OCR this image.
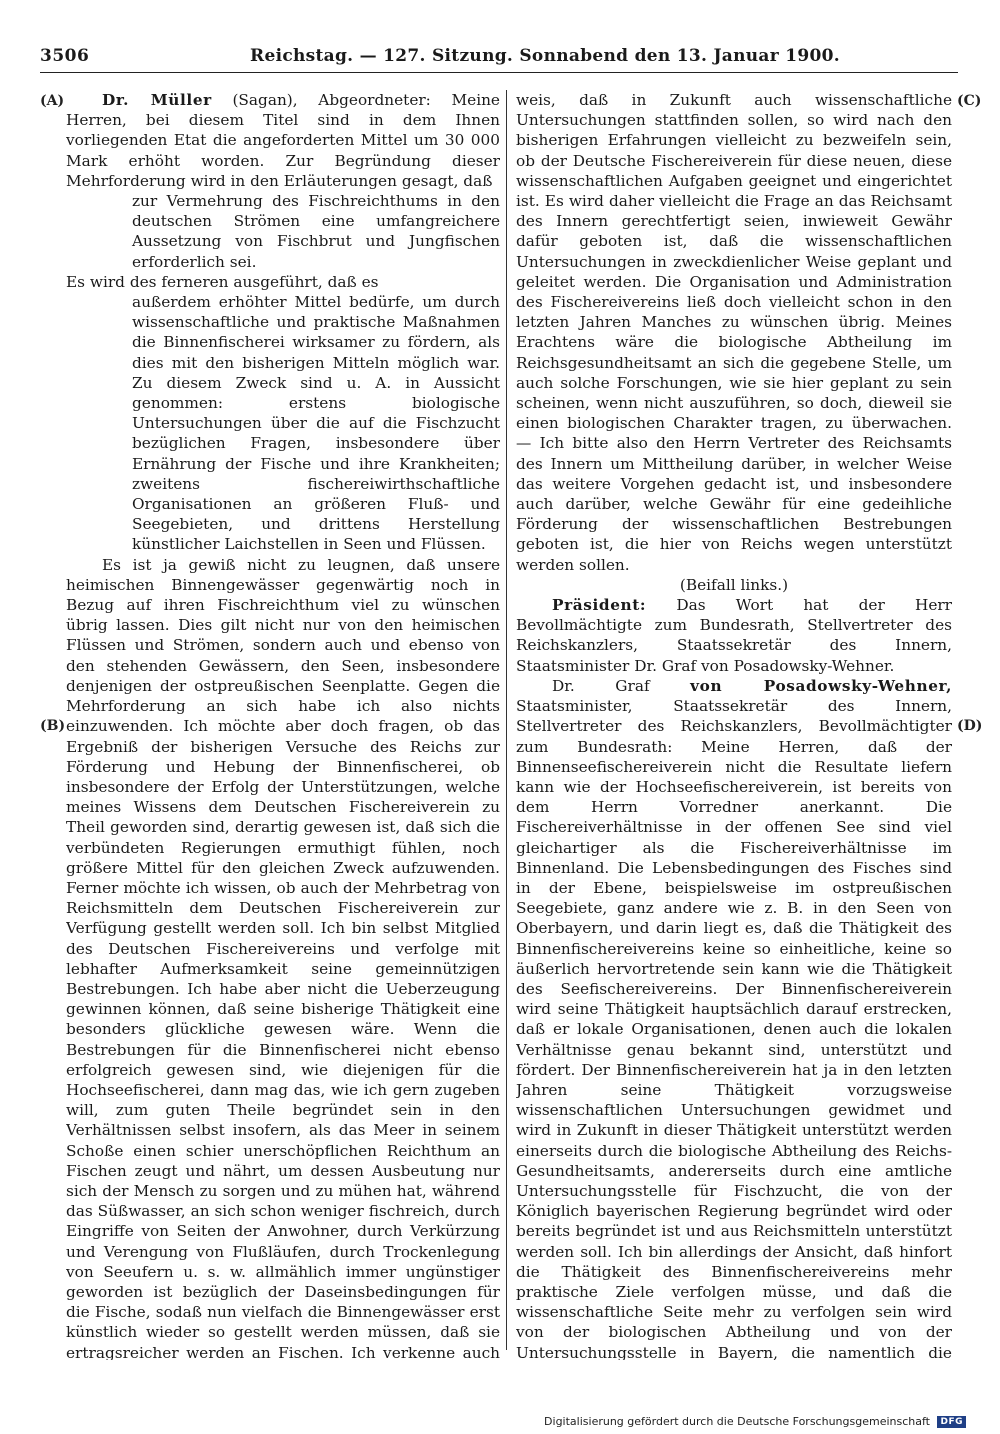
3506	Reichstag. — 127. Sitzung. Sonnabend den 13. Januar 1900.
(A)
(B)
(C)
(D)

Dr. Müller (Sagan), Abgeordneter: Meine Herren, bei diesem Titel sind in dem Ihnen vorliegenden Etat die angeforderten Mittel um 30 000 Mark erhöht worden. Zur Begründung dieser Mehrforderung wird in den Erläuterungen gesagt, daß

zur Vermehrung des Fischreichthums in den deutschen Strömen eine umfangreichere Aussetzung von Fischbrut und Jungfischen erforderlich sei.

Es wird des ferneren ausgeführt, daß es

außerdem erhöhter Mittel bedürfe, um durch wissenschaftliche und praktische Maßnahmen die Binnenfischerei wirksamer zu fördern, als dies mit den bisherigen Mitteln möglich war. Zu diesem Zweck sind u. A. in Aussicht genommen: erstens biologische Untersuchungen über die auf die Fischzucht bezüglichen Fragen, insbesondere über Ernährung der Fische und ihre Krankheiten; zweitens fischereiwirthschaftliche Organisationen an größeren Fluß- und Seegebieten, und drittens Herstellung künstlicher Laichstellen in Seen und Flüssen.

Es ist ja gewiß nicht zu leugnen, daß unsere heimischen Binnengewässer gegenwärtig noch in Bezug auf ihren Fischreichthum viel zu wünschen übrig lassen. Dies gilt nicht nur von den heimischen Flüssen und Strömen, sondern auch und ebenso von den stehenden Gewässern, den Seen, insbesondere denjenigen der ostpreußischen Seenplatte. Gegen die Mehrforderung an sich habe ich also nichts einzuwenden. Ich möchte aber doch fragen, ob das Ergebniß der bisherigen Versuche des Reichs zur Förderung und Hebung der Binnenfischerei, ob insbesondere der Erfolg der Unterstützungen, welche meines Wissens dem Deutschen Fischereiverein zu Theil geworden sind, derartig gewesen ist, daß sich die verbündeten Regierungen ermuthigt fühlen, noch größere Mittel für den gleichen Zweck aufzuwenden. Ferner möchte ich wissen, ob auch der Mehrbetrag von Reichsmitteln dem Deutschen Fischereiverein zur Verfügung gestellt werden soll. Ich bin selbst Mitglied des Deutschen Fischereivereins und verfolge mit lebhafter Aufmerksamkeit seine gemeinnützigen Bestrebungen. Ich habe aber nicht die Ueberzeugung gewinnen können, daß seine bisherige Thätigkeit eine besonders glückliche gewesen wäre. Wenn die Bestrebungen für die Binnenfischerei nicht ebenso erfolgreich gewesen sind, wie diejenigen für die Hochseefischerei, dann mag das, wie ich gern zugeben will, zum guten Theile begründet sein in den Verhältnissen selbst insofern, als das Meer in seinem Schoße einen schier unerschöpflichen Reichthum an Fischen zeugt und nährt, um dessen Ausbeutung nur sich der Mensch zu sorgen und zu mühen hat, während das Süßwasser, an sich schon weniger fischreich, durch Eingriffe von Seiten der Anwohner, durch Verkürzung und Verengung von Flußläufen, durch Trockenlegung von Seeufern u. s. w. allmählich immer ungünstiger geworden ist bezüglich der Daseinsbedingungen für die Fische, sodaß nun vielfach die Binnengewässer erst künstlich wieder so gestellt werden müssen, daß sie ertragsreicher werden an Fischen. Ich verkenne auch

weis, daß in Zukunft auch wissenschaftliche Untersuchungen stattfinden sollen, so wird nach den bisherigen Erfahrungen vielleicht zu bezweifeln sein, ob der Deutsche Fischereiverein für diese neuen, diese wissenschaftlichen Aufgaben geeignet und eingerichtet ist. Es wird daher vielleicht die Frage an das Reichsamt des Innern gerechtfertigt seien, inwieweit Gewähr dafür geboten ist, daß die wissenschaftlichen Untersuchungen in zweckdienlicher Weise geplant und geleitet werden. Die Organisation und Administration des Fischereivereins ließ doch vielleicht schon in den letzten Jahren Manches zu wünschen übrig. Meines Erachtens wäre die biologische Abtheilung im Reichsgesundheitsamt an sich die gegebene Stelle, um auch solche Forschungen, wie sie hier geplant zu sein scheinen, wenn nicht auszuführen, so doch, dieweil sie einen biologischen Charakter tragen, zu überwachen. — Ich bitte also den Herrn Vertreter des Reichsamts des Innern um Mittheilung darüber, in welcher Weise das weitere Vorgehen gedacht ist, und insbesondere auch darüber, welche Gewähr für eine gedeihliche Förderung der wissenschaftlichen Bestrebungen geboten ist, die hier von Reichs wegen unterstützt werden sollen.

(Beifall links.)

Präsident: Das Wort hat der Herr Bevollmächtigte zum Bundesrath, Stellvertreter des Reichskanzlers, Staatssekretär des Innern, Staatsminister Dr. Graf von Posadowsky-Wehner.

Dr. Graf von Posadowsky-Wehner, Staatsminister, Staatssekretär des Innern, Stellvertreter des Reichskanzlers, Bevollmächtigter zum Bundesrath: Meine Herren, daß der Binnenseefischereiverein nicht die Resultate liefern kann wie der Hochseefischereiverein, ist bereits von dem Herrn Vorredner anerkannt. Die Fischereiverhältnisse in der offenen See sind viel gleichartiger als die Fischereiverhältnisse im Binnenland. Die Lebensbedingungen des Fisches sind in der Ebene, beispielsweise im ostpreußischen Seegebiete, ganz andere wie z. B. in den Seen von Oberbayern, und darin liegt es, daß die Thätigkeit des Binnenfischereivereins keine so einheitliche, keine so äußerlich hervortretende sein kann wie die Thätigkeit des Seefischereivereins. Der Binnenfischereiverein wird seine Thätigkeit hauptsächlich darauf erstrecken, daß er lokale Organisationen, denen auch die lokalen Verhältnisse genau bekannt sind, unterstützt und fördert. Der Binnenfischereiverein hat ja in den letzten Jahren seine Thätigkeit vorzugsweise wissenschaftlichen Untersuchungen gewidmet und wird in Zukunft in dieser Thätigkeit unterstützt werden einerseits durch die biologische Abtheilung des Reichs-Gesundheitsamts, andererseits durch eine amtliche Untersuchungsstelle für Fischzucht, die von der Königlich bayerischen Regierung begründet wird oder bereits begründet ist und aus Reichsmitteln unterstützt werden soll. Ich bin allerdings der Ansicht, daß hinfort die Thätigkeit des Binnenfischereivereins mehr praktische Ziele verfolgen müsse, und daß die wissenschaftliche Seite mehr zu verfolgen sein wird von der biologischen Abtheilung und von der Untersuchungsstelle in Bayern, die namentlich die

Digitalisierung gefördert durch die Deutsche Forschungsgemeinschaft DFG
